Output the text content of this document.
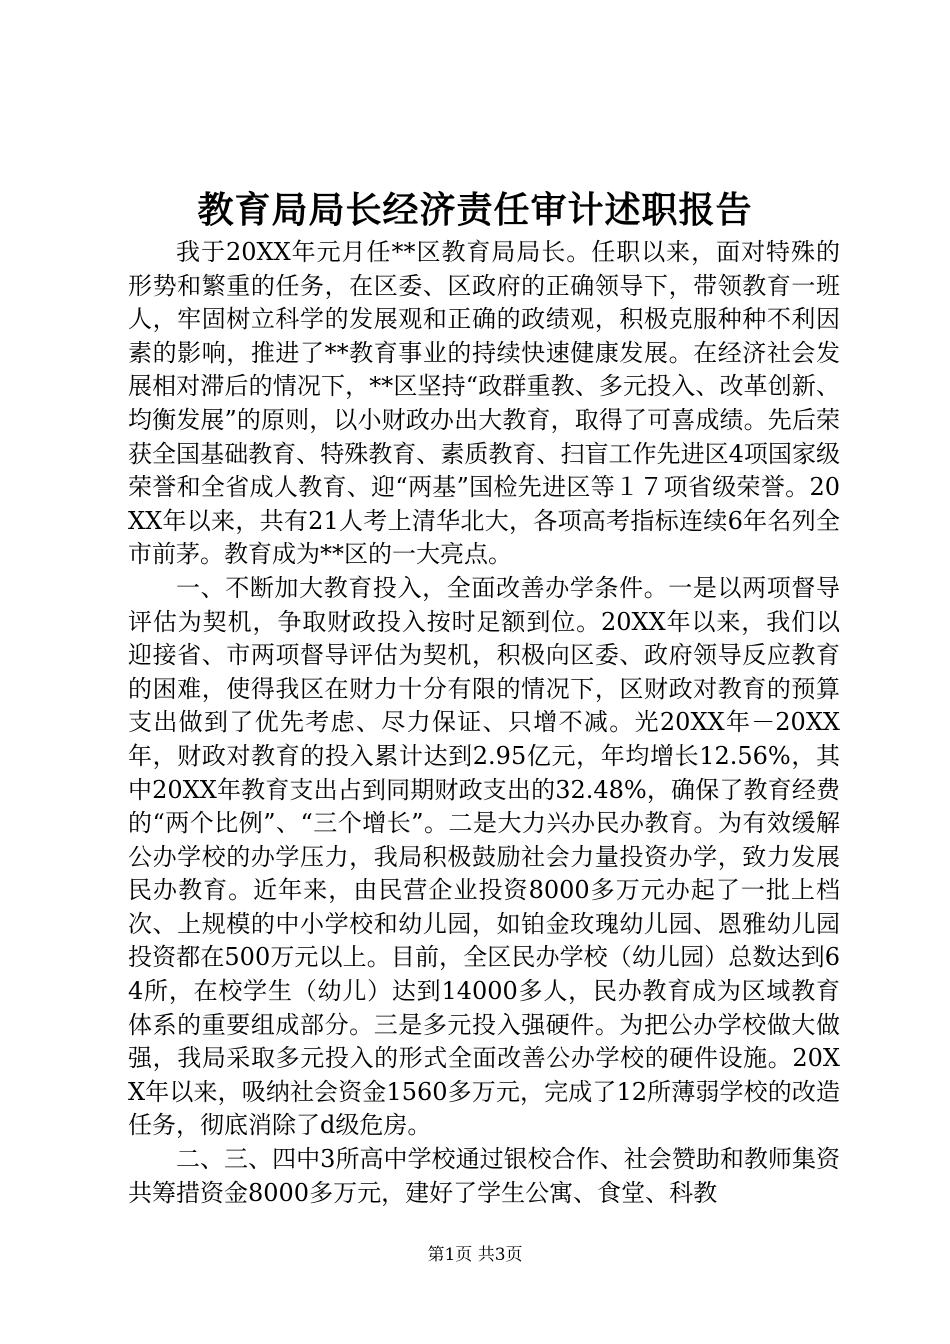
教育局局长经济责任审计述职报告

我于20XX年元月任**区教育局局长。任职以来，面对特殊的形势和繁重的任务，在区委、区政府的正确领导下，带领教育一班人，牢固树立科学的发展观和正确的政绩观，积极克服种种不利因素的影响，推进了**教育事业的持续快速健康发展。在经济社会发展相对滞后的情况下，**区坚持“政群重教、多元投入、改革创新、均衡发展”的原则，以小财政办出大教育，取得了可喜成绩。先后荣获全国基础教育、特殊教育、素质教育、扫盲工作先进区4项国家级荣誉和全省成人教育、迎“两基”国检先进区等１７项省级荣誉。20XX年以来，共有21人考上清华北大，各项高考指标连续6年名列全市前茅。教育成为**区的一大亮点。

一、不断加大教育投入，全面改善办学条件。一是以两项督导评估为契机，争取财政投入按时足额到位。20XX年以来，我们以迎接省、市两项督导评估为契机，积极向区委、政府领导反应教育的困难，使得我区在财力十分有限的情况下，区财政对教育的预算支出做到了优先考虑、尽力保证、只增不减。光20XX年－20XX年，财政对教育的投入累计达到2.95亿元，年均增长12.56%，其中20XX年教育支出占到同期财政支出的32.48%，确保了教育经费的“两个比例”、“三个增长”。二是大力兴办民办教育。为有效缓解公办学校的办学压力，我局积极鼓励社会力量投资办学，致力发展民办教育。近年来，由民营企业投资8000多万元办起了一批上档次、上规模的中小学校和幼儿园，如铂金玫瑰幼儿园、恩雅幼儿园投资都在500万元以上。目前，全区民办学校（幼儿园）总数达到64所，在校学生（幼儿）达到14000多人，民办教育成为区域教育体系的重要组成部分。三是多元投入强硬件。为把公办学校做大做强，我局采取多元投入的形式全面改善公办学校的硬件设施。20XX年以来，吸纳社会资金1560多万元，完成了12所薄弱学校的改造任务，彻底消除了d级危房。

二、三、四中3所高中学校通过银校合作、社会赞助和教师集资共筹措资金8000多万元，建好了学生公寓、食堂、科教

第1页 共3页
